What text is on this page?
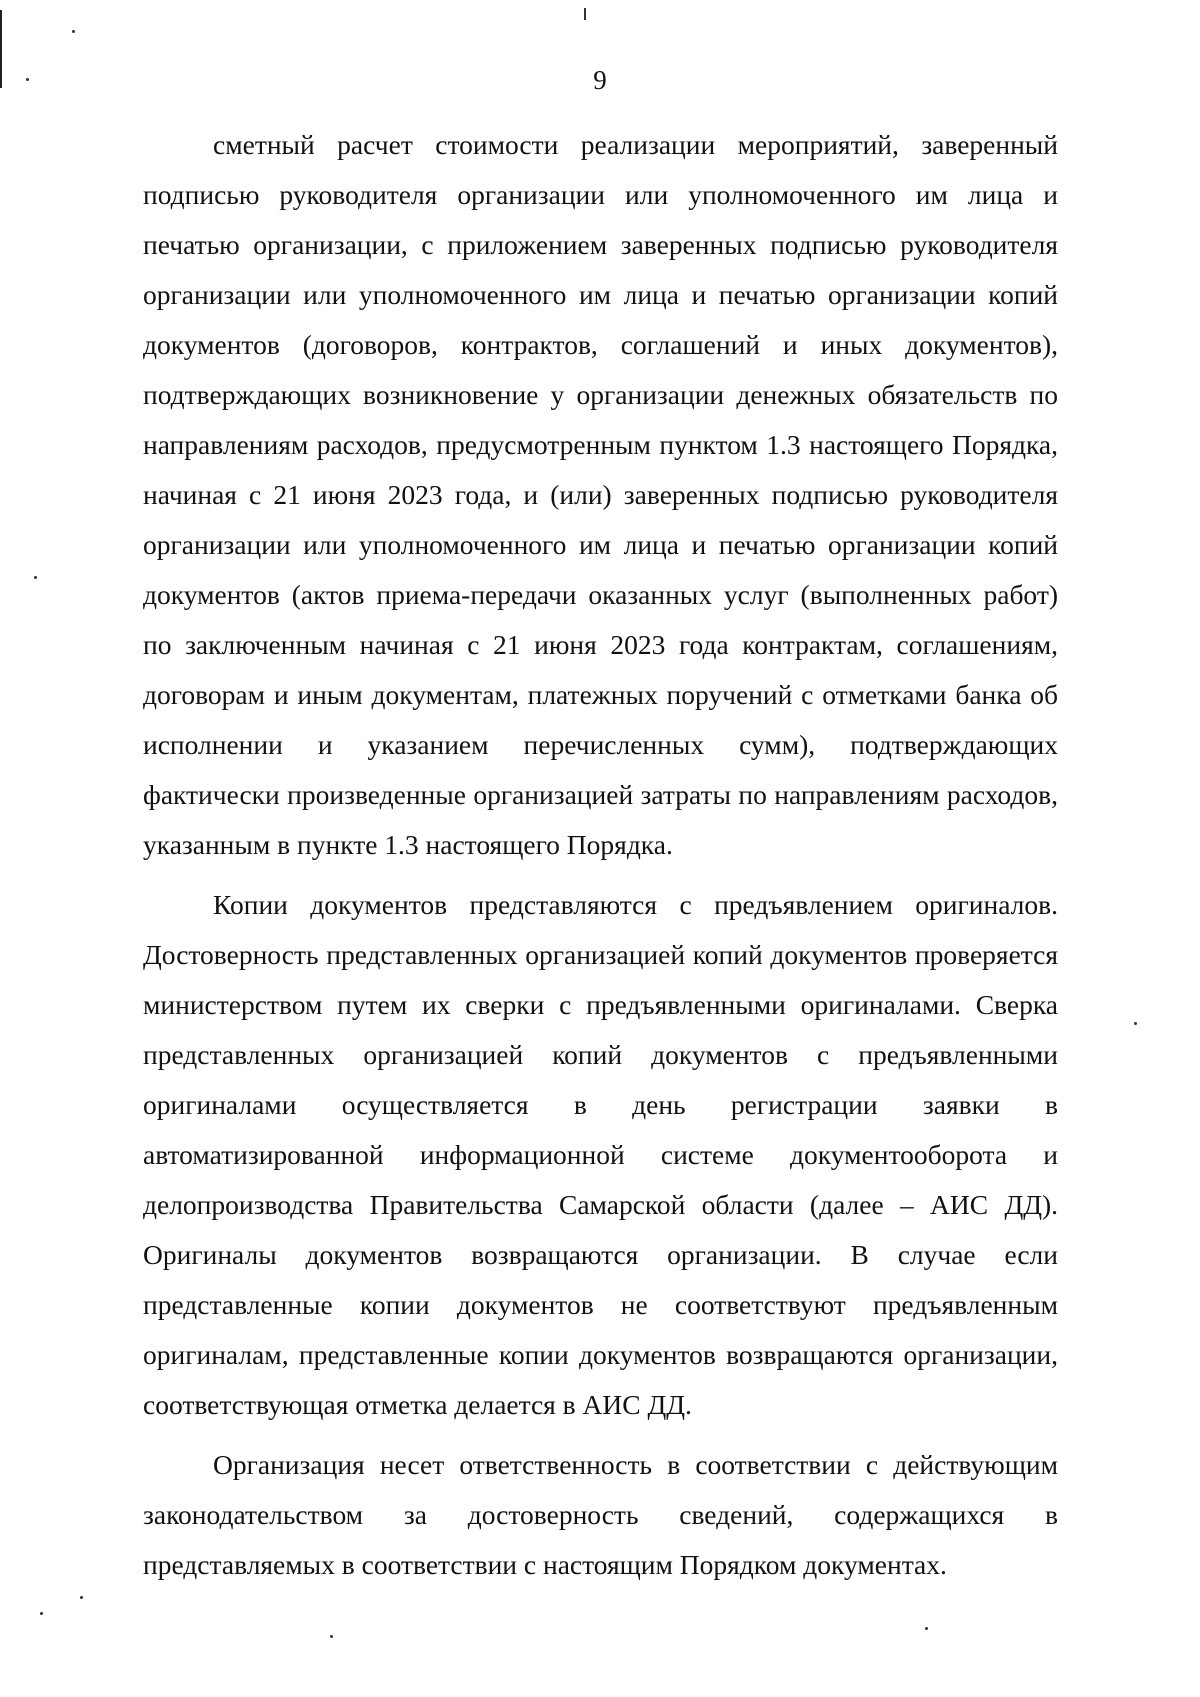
9

сметный расчет стоимости реализации мероприятий, заверенный подписью руководителя организации или уполномоченного им лица и печатью организации, с приложением заверенных подписью руководителя организации или уполномоченного им лица и печатью организации копий документов (договоров, контрактов, соглашений и иных документов), подтверждающих возникновение у организации денежных обязательств по направлениям расходов, предусмотренным пунктом 1.3 настоящего Порядка, начиная с 21 июня 2023 года, и (или) заверенных подписью руководителя организации или уполномоченного им лица и печатью организации копий документов (актов приема-передачи оказанных услуг (выполненных работ) по заключенным начиная с 21 июня 2023 года контрактам, соглашениям, договорам и иным документам, платежных поручений с отметками банка об исполнении и указанием перечисленных сумм), подтверждающих фактически произведенные организацией затраты по направлениям расходов, указанным в пункте 1.3 настоящего Порядка.

Копии документов представляются с предъявлением оригиналов. Достоверность представленных организацией копий документов проверяется министерством путем их сверки с предъявленными оригиналами. Сверка представленных организацией копий документов с предъявленными оригиналами осуществляется в день регистрации заявки в автоматизированной информационной системе документооборота и делопроизводства Правительства Самарской области (далее – АИС ДД). Оригиналы документов возвращаются организации. В случае если представленные копии документов не соответствуют предъявленным оригиналам, представленные копии документов возвращаются организации, соответствующая отметка делается в АИС ДД.

Организация несет ответственность в соответствии с действующим законодательством за достоверность сведений, содержащихся в представляемых в соответствии с настоящим Порядком документах.
